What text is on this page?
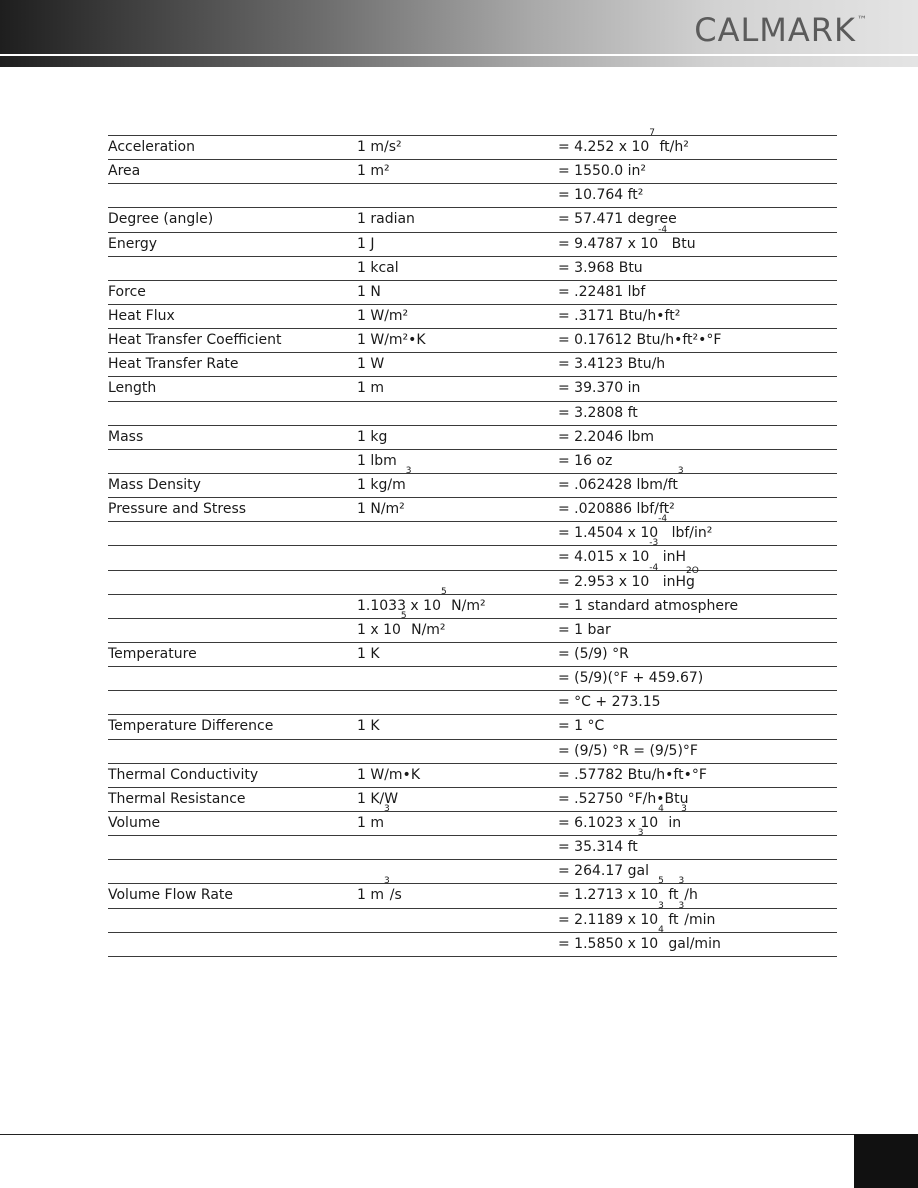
CALMARK™
Acceleration	1 m/s²	= 4.252 x $10^7$ ft/h²
Area	1 m²	= 1550.0 in²
		= 10.764 ft²
Degree (angle)	1 radian	= 57.471 degree
Energy	1 J	= 9.4787 x $10^{-4}$ Btu
	1 kcal	= 3.968 Btu
Force	1 N	= .22481 lbf
Heat Flux	1 W/m²	= .3171 Btu/h•ft²
Heat Transfer Coefficient	1 W/m²•K	= 0.17612 Btu/h•ft²•°F
Heat Transfer Rate	1 W	= 3.4123 Btu/h
Length	1 m	= 39.370 in
		= 3.2808 ft
Mass	1 kg	= 2.2046 lbm
	1 lbm	= 16 oz
Mass Density	1 $kg/m^3$	= .062428 lbm/$ft^3$
Pressure and Stress	1 N/m²	= .020886 lbf/ft²
		= 1.4504 x $10^{-4}$ lbf/in²
		= 4.015 x $10^{-3}$ inH$_{2O}$
		= 2.953 x $10^{-4}$ inHg
	1.1033 x $10^5$ N/m²	= 1 standard atmosphere
	1 x $10^5$ N/m²	= 1 bar
Temperature	1 K	= (5/9) °R
		= (5/9)(°F + 459.67)
		= °C + 273.15
Temperature Difference	1 K	= 1 °C
		= (9/5) °R = (9/5)°F
Thermal Conductivity	1 W/m•K	= .57782 Btu/h•ft•°F
Thermal Resistance	1 K/W	= .52750 °F/h•Btu
Volume	1 $m^3$	= 6.1023 x $10^4$ $in^3$
		= 35.314 $ft^3$
		= 264.17 gal
Volume Flow Rate	1 $m^3/s$	= 1.2713 x $10^5$ $ft^3/h$
		= 2.1189 x $10^3$ $ft^3/\min$
		= 1.5850 x $10^4$ gal/min
